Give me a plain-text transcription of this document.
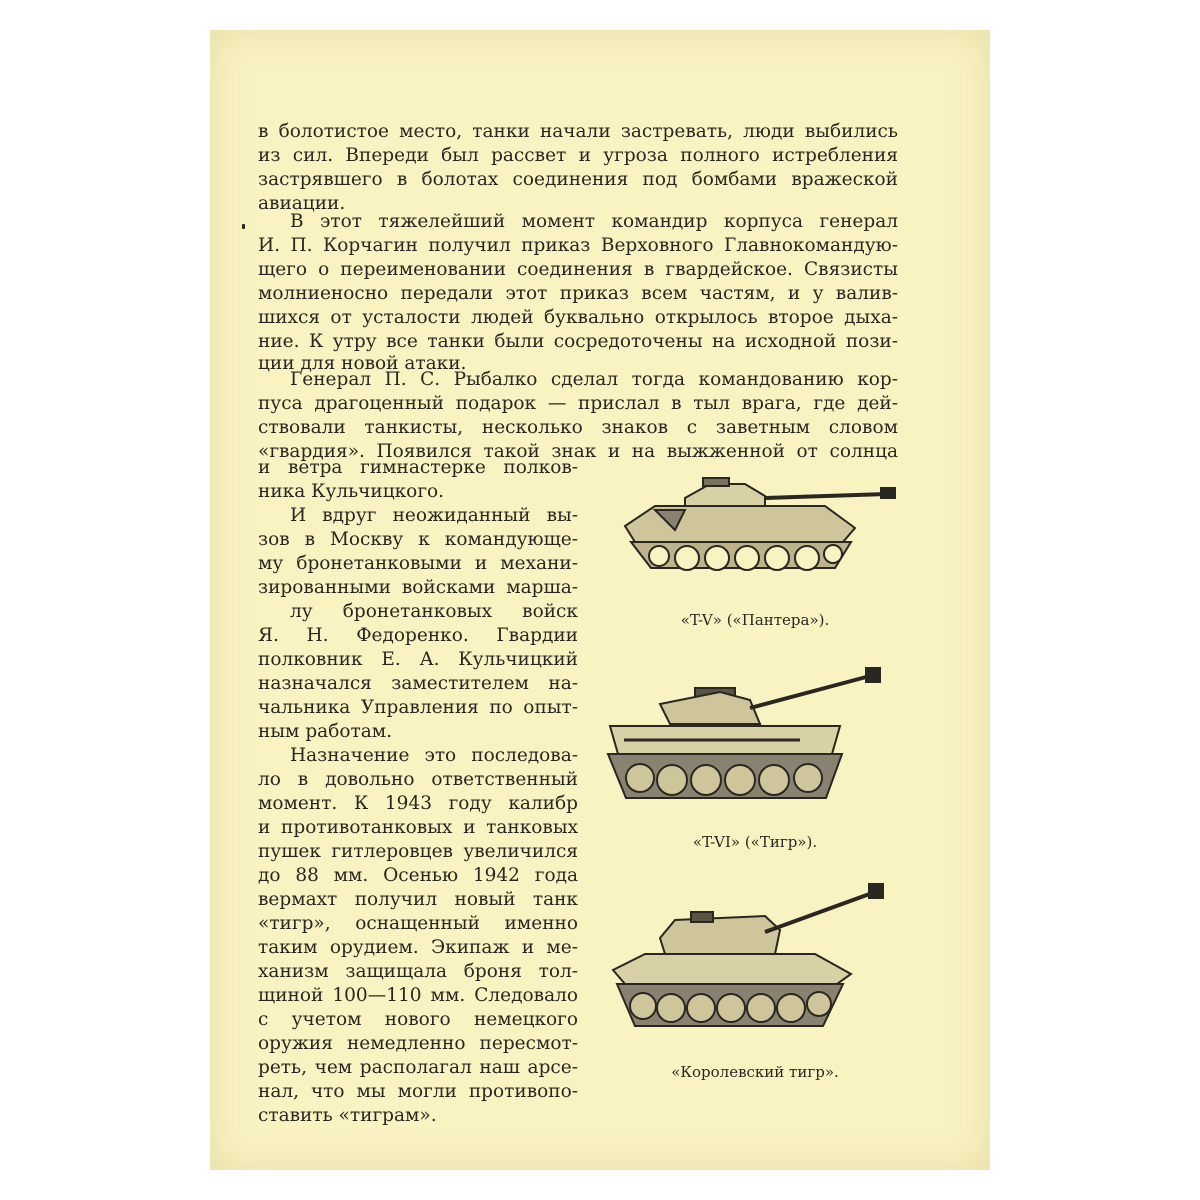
в болотистое место, танки начали застревать, люди выбились
из сил. Впереди был рассвет и угроза полного истребления
застрявшего в болотах соединения под бомбами вражеской
авиации.
В этот тяжелейший момент командир корпуса генерал
И. П. Корчагин получил приказ Верховного Главнокомандую-
щего о переименовании соединения в гвардейское. Связисты
молниеносно передали этот приказ всем частям, и у валив-
шихся от усталости людей буквально открылось второе дыха-
ние. К утру все танки были сосредоточены на исходной пози-
ции для новой атаки.
Генерал П. С. Рыбалко сделал тогда командованию кор-
пуса драгоценный подарок — прислал в тыл врага, где дей-
ствовали танкисты, несколько знаков с заветным словом
«гвардия». Появился такой знак и на выжженной от солнца
и ветра гимнастерке полков-
ника Кульчицкого.
И вдруг неожиданный вы-
зов в Москву к командующе-
му бронетанковыми и механи-
зированными войсками марша-
лу бронетанковых войск
Я. Н. Федоренко. Гвардии
полковник Е. А. Кульчицкий
назначался заместителем на-
чальника Управления по опыт-
ным работам.
Назначение это последова-
ло в довольно ответственный
момент. К 1943 году калибр
и противотанковых и танковых
пушек гитлеровцев увеличился
до 88 мм. Осенью 1942 года
вермахт получил новый танк
«тигр», оснащенный именно
таким орудием. Экипаж и ме-
ханизм защищала броня тол-
щиной 100—110 мм. Следовало
с учетом нового немецкого
оружия немедленно пересмот-
реть, чем располагал наш арсе-
нал, что мы могли противопо-
ставить «тиграм».
«T-V» («Пантера»).
«T-VI» («Тигр»).
«Королевский тигр».
